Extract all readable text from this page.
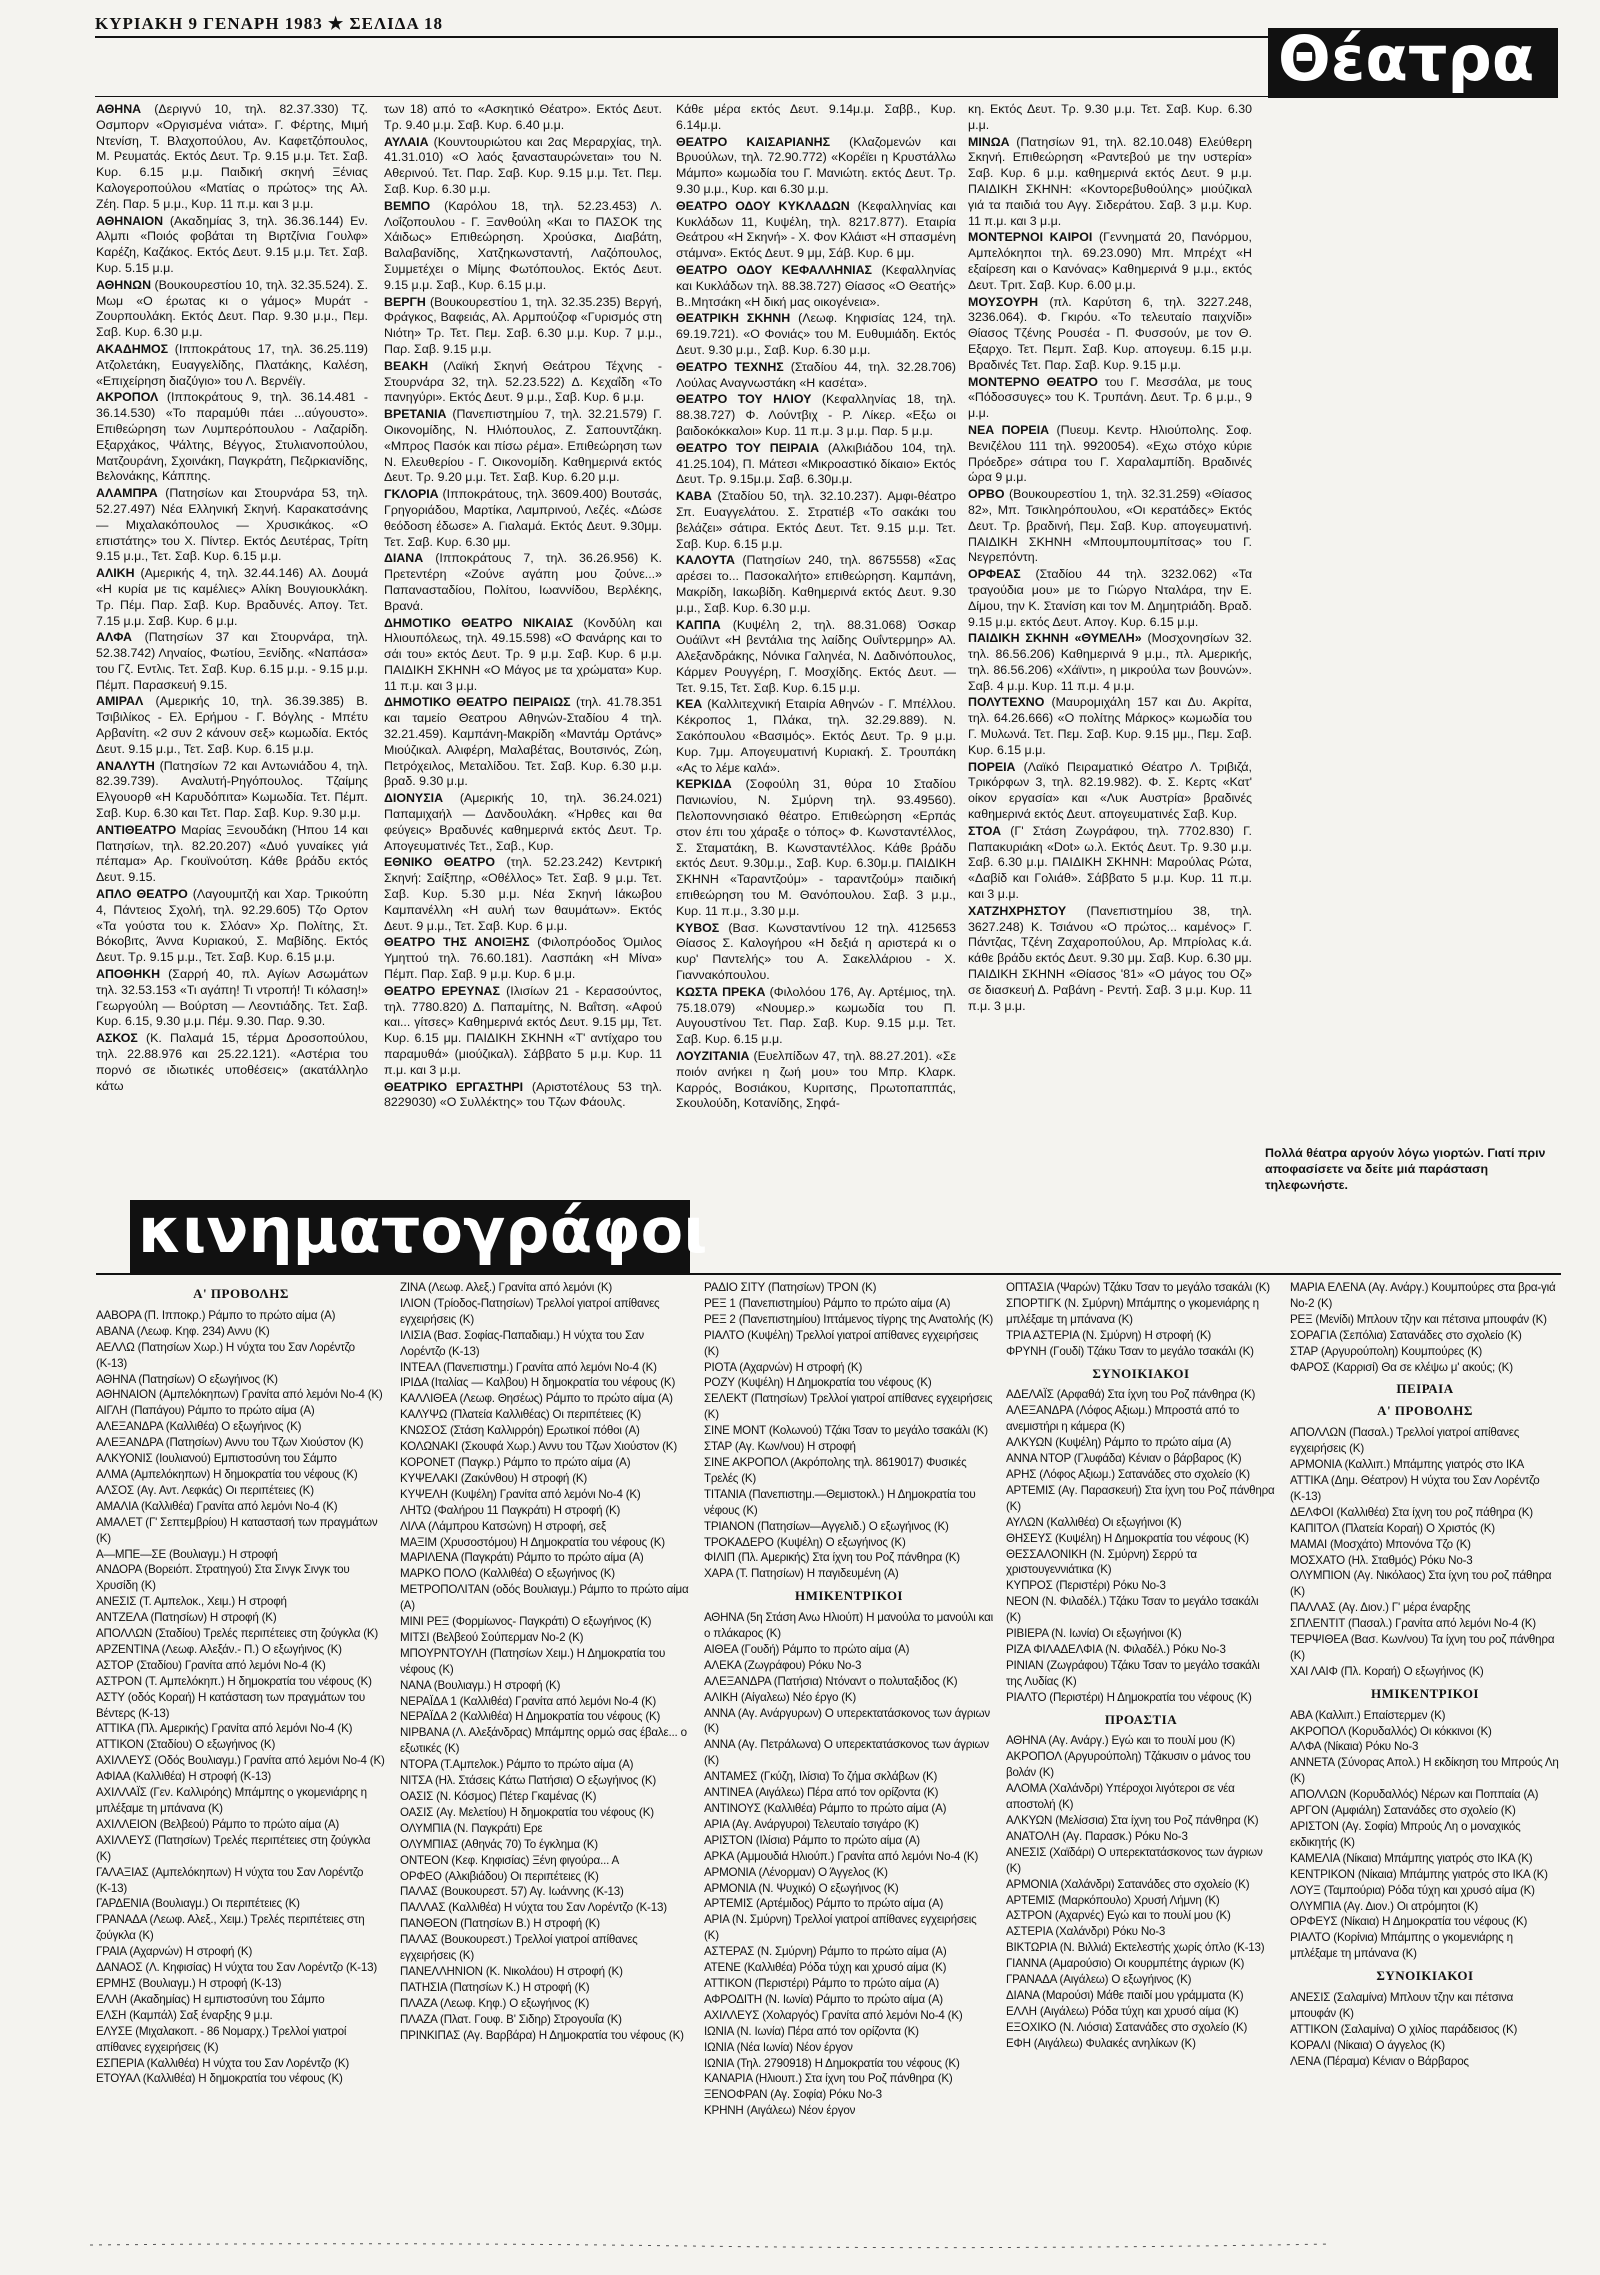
ΚΥΡΙΑΚΗ 9 ΓΕΝΑΡΗ 1983 ★ ΣΕΛΙΔΑ 18	Θέατρα

ΑΘΗΝΑ (Δεριγνύ 10, τηλ. 82.37.330) Τζ. Οσμπορν «Οργισμένα νιάτα». Γ. Φέρτης, Μιμή Ντενίση, Τ. Βλαχοπούλου, Αν. Καφετζόπουλος, Μ. Ρευματάς. Εκτός Δευτ. Τρ. 9.15 μ.μ. Τετ. Σαβ. Κυρ. 6.15 μ.μ. Παιδική σκηνή Ξένιας Καλογεροπούλου «Ματίας ο πρώτος» της Αλ. Ζέη. Παρ. 5 μ.μ., Κυρ. 11 π.μ. και 3 μ.μ.

ΑΘΗΝΑΙΟΝ (Ακαδημίας 3, τηλ. 36.36.144) Εν. Αλμπι «Ποιός φοβάται τη Βιρτζίνια Γουλφ» Καρέζη, Καζάκος. Εκτός Δευτ. 9.15 μ.μ. Τετ. Σαβ. Κυρ. 5.15 μ.μ.

ΑΘΗΝΩΝ (Βουκουρεστίου 10, τηλ. 32.35.524). Σ. Μωμ «Ο έρωτας κι ο γάμος» Μυράτ - Ζουρπουλάκη. Εκτός Δευτ. Παρ. 9.30 μ.μ., Πεμ. Σαβ. Κυρ. 6.30 μ.μ.

ΑΚΑΔΗΜΟΣ (Ιπποκράτους 17, τηλ. 36.25.119) Ατζολετάκη, Ευαγγελίδης, Πλατάκης, Καλέση, «Επιχείρηση διαζύγιο» του Λ. Βερνέϊγ.

ΑΚΡΟΠΟΛ (Ιπποκράτους 9, τηλ. 36.14.481 - 36.14.530) «Το παραμύθι πάει ...αύγουστο». Επιθεώρηση των Λυμπερόπουλου - Λαζαρίδη. Εξαρχάκος, Ψάλτης, Βέγγος, Στυλιανοπούλου, Ματζουράνη, Σχοινάκη, Παγκράτη, Πεζιρκιανίδης, Βελονάκης, Κάππης.

ΑΛΑΜΠΡΑ (Πατησίων και Στουρνάρα 53, τηλ. 52.27.497) Νέα Ελληνική Σκηνή. Καρακατσάνης — Μιχαλακόπουλος — Χρυσικάκος. «Ο επιστάτης» του Χ. Πίντερ. Εκτός Δευτέρας, Τρίτη 9.15 μ.μ., Τετ. Σαβ. Κυρ. 6.15 μ.μ.

ΑΛΙΚΗ (Αμερικής 4, τηλ. 32.44.146) Αλ. Δουμά «Η κυρία με τις καμέλιες» Αλίκη Βουγιουκλάκη. Τρ. Πέμ. Παρ. Σαβ. Κυρ. Βραδυνές. Απογ. Τετ. 7.15 μ.μ. Σαβ. Κυρ. 6 μ.μ.

ΑΛΦΑ (Πατησίων 37 και Στουρνάρα, τηλ. 52.38.742) Ληναίος, Φωτίου, Ξενίδης. «Ναπάσα» του Γζ. Εντλις. Τετ. Σαβ. Κυρ. 6.15 μ.μ. - 9.15 μ.μ. Πέμπ. Παρασκευή 9.15.

ΑΜΙΡΑΛ (Αμερικής 10, τηλ. 36.39.385) Β. Τσιβιλίκος - Ελ. Ερήμου - Γ. Βόγλης - Μπέτυ Αρβανίτη. «2 συν 2 κάνουν σεξ» κωμωδία. Εκτός Δευτ. 9.15 μ.μ., Τετ. Σαβ. Κυρ. 6.15 μ.μ.

ΑΝΑΛΥΤΗ (Πατησίων 72 και Αντωνιάδου 4, τηλ. 82.39.739). Αναλυτή-Ρηγόπουλος. Τζαίμης Ελγουορθ «Η Καρυδόπιτα» Κωμωδία. Τετ. Πέμπ. Σαβ. Κυρ. 6.30 και Τετ. Παρ. Σαβ. Κυρ. 9.30 μ.μ.

ΑΝΤΙΘΕΑΤΡΟ Μαρίας Ξενουδάκη (Ήπου 14 και Πατησίων, τηλ. 82.20.207) «Δυό γυναίκες γιά πέπαμα» Αρ. Γκουϊνούτση. Κάθε βράδυ εκτός Δευτ. 9.15.

ΑΠΛΟ ΘΕΑΤΡΟ (Λαγουμιτζή και Χαρ. Τρικούπη 4, Πάντειος Σχολή, τηλ. 92.29.605) Τζο Ορτον «Τα γούστα του κ. Σλόαν» Χρ. Πολίτης, Στ. Βόκοβιτς, Άννα Κυριακού, Σ. Μαβίδης. Εκτός Δευτ. Τρ. 9.15 μ.μ., Τετ. Σαβ. Κυρ. 6.15 μ.μ.

ΑΠΟΘΗΚΗ (Σαρρή 40, πλ. Αγίων Ασωμάτων τηλ. 32.53.153 «Τι αγάπη! Τι ντροπή! Τι κόλαση!» Γεωργούλη — Βούρτση — Λεοντιάδης. Τετ. Σαβ. Κυρ. 6.15, 9.30 μ.μ. Πέμ. 9.30. Παρ. 9.30.

ΑΣΚΟΣ (Κ. Παλαμά 15, τέρμα Δροσοπούλου, τηλ. 22.88.976 και 25.22.121). «Αστέρια του πορνό σε ιδιωτικές υποθέσεις» (ακατάλληλο κάτω

των 18) από το «Ασκητικό Θέατρο». Εκτός Δευτ. Τρ. 9.40 μ.μ. Σαβ. Κυρ. 6.40 μ.μ.

ΑΥΛΑΙΑ (Κουντουριώτου και 2ας Μεραρχίας, τηλ. 41.31.010) «Ο λαός ξανασταυρώνεται» του Ν. Αθερινού. Τετ. Παρ. Σαβ. Κυρ. 9.15 μ.μ. Τετ. Πεμ. Σαβ. Κυρ. 6.30 μ.μ.

ΒΕΜΠΟ (Καρόλου 18, τηλ. 52.23.453) Λ. Λοΐζοπουλου - Γ. Ξανθούλη «Και το ΠΑΣΟΚ της Χάιδως» Επιθεώρηση. Χρούσκα, Διαβάτη, Βαλαβανίδης, Χατζηκωνσταντή, Λαζόπουλος, Συμμετέχει ο Μίμης Φωτόπουλος. Εκτός Δευτ. 9.15 μ.μ. Σαβ., Κυρ. 6.15 μ.μ.

ΒΕΡΓΗ (Βουκουρεστίου 1, τηλ. 32.35.235) Βεργή, Φράγκος, Βαφειάς, Αλ. Αρμπούζοφ «Γυρισμός στη Νιότη» Τρ. Τετ. Πεμ. Σαβ. 6.30 μ.μ. Κυρ. 7 μ.μ., Παρ. Σαβ. 9.15 μ.μ.

ΒΕΑΚΗ (Λαϊκή Σκηνή Θεάτρου Τέχνης - Στουρνάρα 32, τηλ. 52.23.522) Δ. Κεχαΐδη «Το πανηγύρι». Εκτός Δευτ. 9 μ.μ., Σαβ. Κυρ. 6 μ.μ.

ΒΡΕΤΑΝΙΑ (Πανεπιστημίου 7, τηλ. 32.21.579) Γ. Οικονομίδης, Ν. Ηλιόπουλος, Ζ. Σαπουντζάκη. «Μπρος Πασόκ και πίσω ρέμα». Επιθεώρηση των Ν. Ελευθερίου - Γ. Οικονομίδη. Καθημερινά εκτός Δευτ. Τρ. 9.20 μ.μ. Τετ. Σαβ. Κυρ. 6.20 μ.μ.

ΓΚΛΟΡΙΑ (Ιπποκράτους, τηλ. 3609.400) Βουτσάς, Γρηγοριάδου, Μαρτίκα, Λαμπρινού, Λεζές. «Δώσε θεόδοση έδωσε» Α. Γιαλαμά. Εκτός Δευτ. 9.30μμ. Τετ. Σαβ. Κυρ. 6.30 μμ.

ΔΙΑΝΑ (Ιπποκράτους 7, τηλ. 36.26.956) Κ. Πρετεντέρη «Ζούνε αγάπη μου ζούνε...» Παπανασταδίου, Πολίτου, Ιωαννίδου, Βερλέκης, Βρανά.

ΔΗΜΟΤΙΚΟ ΘΕΑΤΡΟ ΝΙΚΑΙΑΣ (Κονδύλη και Ηλιουπόλεως, τηλ. 49.15.598) «Ο Φανάρης και το σάι του» εκτός Δευτ. Τρ. 9 μ.μ. Σαβ. Κυρ. 6 μ.μ. ΠΑΙΔΙΚΗ ΣΚΗΝΗ «Ο Μάγος με τα χρώματα» Κυρ. 11 π.μ. και 3 μ.μ.

ΔΗΜΟΤΙΚΟ ΘΕΑΤΡΟ ΠΕΙΡΑΙΩΣ (τηλ. 41.78.351 και ταμείο Θεατρου Αθηνών-Σταδίου 4 τηλ. 32.21.459). Καμπάνη-Μακρίδη «Μαντάμ Ορτάνς» Μιούζικαλ. Αλιφέρη, Μαλαβέτας, Βουτσινός, Ζώη, Πετρόχειλος, Μεταλίδου. Τετ. Σαβ. Κυρ. 6.30 μ.μ. βραδ. 9.30 μ.μ.

ΔΙΟΝΥΣΙΑ (Αμερικής 10, τηλ. 36.24.021) Παπαμιχαήλ — Δανδουλάκη. «Ήρθες και θα φεύγεις» Βραδυνές καθημερινά εκτός Δευτ. Τρ. Απογευματινές Τετ., Σαβ., Κυρ.

ΕΘΝΙΚΟ ΘΕΑΤΡΟ (τηλ. 52.23.242) Κεντρική Σκηνή: Σαίξπηρ, «Οθέλλος» Τετ. Σαβ. 9 μ.μ. Τετ. Σαβ. Κυρ. 5.30 μ.μ. Νέα Σκηνή Ιάκωβου Καμπανέλλη «Η αυλή των θαυμάτων». Εκτός Δευτ. 9 μ.μ., Τετ. Σαβ. Κυρ. 6 μ.μ.

ΘΕΑΤΡΟ ΤΗΣ ΑΝΟΙΞΗΣ (Φιλοπρόοδος Όμιλος Υμηττού τηλ. 76.60.181). Λασπάκη «Η Μίνα» Πέμπ. Παρ. Σαβ. 9 μ.μ. Κυρ. 6 μ.μ.

ΘΕΑΤΡΟ ΕΡΕΥΝΑΣ (Ιλισίων 21 - Κερασούντος, τηλ. 7780.820) Δ. Παπαμίτης, Ν. Βαΐτση. «Αφού και... γίτσες» Καθημερινά εκτός Δευτ. 9.15 μμ, Τετ. Κυρ. 6.15 μμ. ΠΑΙΔΙΚΗ ΣΚΗΝΗ «Τ' αντίχαρο του παραμυθά» (μιούζικαλ). Σάββατο 5 μ.μ. Κυρ. 11 π.μ. και 3 μ.μ.

ΘΕΑΤΡΙΚΟ ΕΡΓΑΣΤΗΡΙ (Αριστοτέλους 53 τηλ. 8229030) «Ο Συλλέκτης» του Τζων Φάουλς.

Κάθε μέρα εκτός Δευτ. 9.14μ.μ. Σαββ., Κυρ. 6.14μ.μ.

ΘΕΑΤΡΟ ΚΑΙΣΑΡΙΑΝΗΣ (Κλαζομενών και Βρυούλων, τηλ. 72.90.772) «Κορέϊει η Κρυστάλλω Μάμπο» κωμωδία του Γ. Μανιώτη. εκτός Δευτ. Τρ. 9.30 μ.μ., Κυρ. και 6.30 μ.μ.

ΘΕΑΤΡΟ ΟΔΟΥ ΚΥΚΛΑΔΩΝ (Κεφαλληνίας και Κυκλάδων 11, Κυψέλη, τηλ. 8217.877). Εταιρία Θεάτρου «Η Σκηνή» - Χ. Φον Κλάιστ «Η σπασμένη στάμνα». Εκτός Δευτ. 9 μμ, Σάβ. Κυρ. 6 μμ.

ΘΕΑΤΡΟ ΟΔΟΥ ΚΕΦΑΛΛΗΝΙΑΣ (Κεφαλληνίας και Κυκλάδων τηλ. 88.38.727) Θίασος «Ο Θεατής» Β..Μητσάκη «Η δική μας οικογένεια».

ΘΕΑΤΡΙΚΗ ΣΚΗΝΗ (Λεωφ. Κηφισίας 124, τηλ. 69.19.721). «Ο Φονιάς» του Μ. Ευθυμιάδη. Εκτός Δευτ. 9.30 μ.μ., Σαβ. Κυρ. 6.30 μ.μ.

ΘΕΑΤΡΟ ΤΕΧΝΗΣ (Σταδίου 44, τηλ. 32.28.706) Λούλας Αναγνωστάκη «Η κασέτα».

ΘΕΑΤΡΟ ΤΟΥ ΗΛΙΟΥ (Κεφαλληνίας 18, τηλ. 88.38.727) Φ. Λούντβιχ - Ρ. Λίκερ. «Εξω οι βαιδοκόκκαλοι» Κυρ. 11 π.μ. 3 μ.μ. Παρ. 5 μ.μ.

ΘΕΑΤΡΟ ΤΟΥ ΠΕΙΡΑΙΑ (Αλκιβιάδου 104, τηλ. 41.25.104), Π. Μάτεσι «Μικροαστικό δίκαιο» Εκτός Δευτ. Τρ. 9.15μ.μ. Σαβ. 6.30μ.μ.

ΚΑΒΑ (Σταδίου 50, τηλ. 32.10.237). Αμφι-θέατρο Σπ. Ευαγγελάτου. Σ. Στρατιέβ «Το σακάκι του βελάζει» σάτιρα. Εκτός Δευτ. Τετ. 9.15 μ.μ. Τετ. Σαβ. Κυρ. 6.15 μ.μ.

ΚΑΛΟΥΤΑ (Πατησίων 240, τηλ. 8675558) «Σας αρέσει το... Πασοκαλήτο» επιθεώρηση. Καμπάνη, Μακρίδη, Ιακωβίδη. Καθημερινά εκτός Δευτ. 9.30 μ.μ., Σαβ. Κυρ. 6.30 μ.μ.

ΚΑΠΠΑ (Κυψέλη 2, τηλ. 88.31.068) Όσκαρ Ουάϊλντ «Η βεντάλια της λαίδης Ουΐντερμηρ» Αλ. Αλεξανδράκης, Νόνικα Γαληνέα, Ν. Δαδινόπουλος, Κάρμεν Ρουγγέρη, Γ. Μοσχίδης. Εκτός Δευτ. — Τετ. 9.15, Τετ. Σαβ. Κυρ. 6.15 μ.μ.

ΚΕΑ (Καλλιτεχνική Εταιρία Αθηνών - Γ. Μπέλλου. Κέκροπος 1, Πλάκα, τηλ. 32.29.889). Ν. Σακόπουλου «Βασιμός». Εκτός Δευτ. Τρ. 9 μ.μ. Κυρ. 7μμ. Απογευματινή Κυριακή. Σ. Τρουπάκη «Ας το λέμε καλά».

ΚΕΡΚΙΔΑ (Σοφούλη 31, θύρα 10 Σταδίου Πανιωνίου, Ν. Σμύρνη τηλ. 93.49560). Πελοποννησιακό θέατρο. Επιθεώρηση «Ερπάς στον έπι του χάραξε ο τόπος» Φ. Κωνσταντέλλος, Σ. Σταματάκη, Β. Κωνσταντέλλος. Κάθε βράδυ εκτός Δευτ. 9.30μ.μ., Σαβ. Κυρ. 6.30μ.μ. ΠΑΙΔΙΚΗ ΣΚΗΝΗ «Ταραντζούμ» - ταραντζούμ» παιδική επιθεώρηση του Μ. Θανόπουλου. Σαβ. 3 μ.μ., Κυρ. 11 π.μ., 3.30 μ.μ.

ΚΥΒΟΣ (Βασ. Κωνσταντίνου 12 τηλ. 4125653 Θίασος Σ. Καλογήρου «Η δεξιά η αριστερά κι ο κυρ' Παντελής» του Α. Σακελλάριου - Χ. Γιαννακόπουλου.

ΚΩΣΤΑ ΠΡΕΚΑ (Φιλολόου 176, Αγ. Αρτέμιος, τηλ. 75.18.079) «Νουμερ.» κωμωδία του Π. Αυγουστίνου Τετ. Παρ. Σαβ. Κυρ. 9.15 μ.μ. Τετ. Σαβ. Κυρ. 6.15 μ.μ.

ΛΟΥΖΙΤΑΝΙΑ (Ευελπίδων 47, τηλ. 88.27.201). «Σε ποιόν ανήκει η ζωή μου» του Μπρ. Κλαρκ. Καρρός, Βοσιάκου, Κυριτσης, Πρωτοπαππάς, Σκουλούδη, Κοτανίδης, Σηφά-

κη. Εκτός Δευτ. Τρ. 9.30 μ.μ. Τετ. Σαβ. Κυρ. 6.30 μ.μ.

ΜΙΝΩΑ (Πατησίων 91, τηλ. 82.10.048) Ελεύθερη Σκηνή. Επιθεώρηση «Ραντεβού με την υστερία» Σαβ. Κυρ. 6 μ.μ. καθημερινά εκτός Δευτ. 9 μ.μ. ΠΑΙΔΙΚΗ ΣΚΗΝΗ: «Κοντορεβυθούλης» μιούζικαλ γιά τα παιδιά του Αγγ. Σιδεράτου. Σαβ. 3 μ.μ. Κυρ. 11 π.μ. και 3 μ.μ.

ΜΟΝΤΕΡΝΟΙ ΚΑΙΡΟΙ (Γεννηματά 20, Πανόρμου, Αμπελόκηποι τηλ. 69.23.090) Μπ. Μπρέχτ «Η εξαίρεση και ο Κανόνας» Καθημερινά 9 μ.μ., εκτός Δευτ. Τριτ. Σαβ. Κυρ. 6.00 μ.μ.

ΜΟΥΣΟΥΡΗ (πλ. Καρύτση 6, τηλ. 3227.248, 3236.064). Φ. Γκιρόυ. «Το τελευταίο παιχνίδι» Θίασος Τζένης Ρουσέα - Π. Φυσσούν, με τον Θ. Εξαρχο. Τετ. Πεμπ. Σαβ. Κυρ. απογευμ. 6.15 μ.μ. Βραδινές Τετ. Παρ. Σαβ. Κυρ. 9.15 μ.μ.

ΜΟΝΤΕΡΝΟ ΘΕΑΤΡΟ του Γ. Μεσσάλα, με τους «Πόδοσσυγες» του Κ. Τρυπάνη. Δευτ. Τρ. 6 μ.μ., 9 μ.μ.

ΝΕΑ ΠΟΡΕΙΑ (Πυευμ. Κεντρ. Ηλιούπολης. Σοφ. Βενιζέλου 111 τηλ. 9920054). «Εχω στόχο κύριε Πρόεδρε» σάτιρα του Γ. Χαραλαμπίδη. Βραδινές ώρα 9 μ.μ.

ΟΡΒΟ (Βουκουρεστίου 1, τηλ. 32.31.259) «Θίασος 82», Μπ. Τσικληρόπουλου, «Οι κερατάδες» Εκτός Δευτ. Τρ. βραδινή, Πεμ. Σαβ. Κυρ. απογευματινή. ΠΑΙΔΙΚΗ ΣΚΗΝΗ «Μπουμπουμπίτσας» του Γ. Νεγρεπόντη.

ΟΡΦΕΑΣ (Σταδίου 44 τηλ. 3232.062) «Τα τραγούδια μου» με το Γιώργο Νταλάρα, την Ε. Δίμου, την Κ. Στανίση και τον Μ. Δημητριάδη. Βραδ. 9.15 μ.μ. εκτός Δευτ. Απογ. Κυρ. 6.15 μ.μ.

ΠΑΙΔΙΚΗ ΣΚΗΝΗ «ΘΥΜΕΛΗ» (Μοσχονησίων 32. τηλ. 86.56.206) Καθημερινά 9 μ.μ., πλ. Αμερικής, τηλ. 86.56.206) «Χάϊντι», η μικρούλα των βουνών». Σαβ. 4 μ.μ. Κυρ. 11 π.μ. 4 μ.μ.

ΠΟΛΥΤΕΧΝΟ (Μαυρομιχάλη 157 και Δυ. Ακρίτα, τηλ. 64.26.666) «Ο πολίτης Μάρκος» κωμωδία του Γ. Μυλωνά. Τετ. Πεμ. Σαβ. Κυρ. 9.15 μμ., Πεμ. Σαβ. Κυρ. 6.15 μ.μ.

ΠΟΡΕΙΑ (Λαϊκό Πειραματικό Θέατρο Λ. Τριβιζά, Τρικόρφων 3, τηλ. 82.19.982). Φ. Σ. Κερτς «Κατ' οίκον εργασία» και «Λυκ Αυστρία» βραδινές καθημερινά εκτός Δευτ. απογευματινές Σαβ. Κυρ.

ΣΤΟΑ (Γ' Στάση Ζωγράφου, τηλ. 7702.830) Γ. Παπακυριάκη «Dot» ω.λ. Εκτός Δευτ. Τρ. 9.30 μ.μ. Σαβ. 6.30 μ.μ. ΠΑΙΔΙΚΗ ΣΚΗΝΗ: Μαρούλας Ρώτα, «Δαβίδ και Γολιάθ». Σάββατο 5 μ.μ. Κυρ. 11 π.μ. και 3 μ.μ.

ΧΑΤΖΗΧΡΗΣΤΟΥ (Πανεπιστημίου 38, τηλ. 3627.248) Κ. Τσιάνου «Ο πρώτος... καμένος» Γ. Πάντζας, Τζένη Ζαχαροπούλου, Αρ. Μπρίολας κ.ά. κάθε βράδυ εκτός Δευτ. 9.30 μμ. Σαβ. Κυρ. 6.30 μμ. ΠΑΙΔΙΚΗ ΣΚΗΝΗ «Θίασος '81» «Ο μάγος του Οζ» σε διασκευή Δ. Ραβάνη - Ρεντή. Σαβ. 3 μ.μ. Κυρ. 11 π.μ. 3 μ.μ.

Πολλά θέατρα αργούν λόγω γιορτών. Γιατί πριν αποφασίσετε να δείτε μιά παράσταση τηλεφωνήστε.
κινηματογράφοι
Α' ΠΡΟΒΟΛΗΣ

ΑΑΒΟΡΑ (Π. Ιπποκρ.) Ράμπο το πρώτο αίμα (Α)

ΑΒΑΝΑ (Λεωφ. Κηφ. 234) Αννυ (Κ)

ΑΕΛΛΩ (Πατησίων Χωρ.) Η νύχτα του Σαν Λορέντζο (Κ-13)

ΑΘΗΝΑ (Πατησίων) Ο εξωγήινος (Κ)

ΑΘΗΝΑΙΟΝ (Αμπελόκηπων) Γρανίτα από λεμόνι Νο-4 (Κ)

ΑΙΓΛΗ (Παπάγου) Ράμπο το πρώτο αίμα (Α)

ΑΛΕΞΑΝΔΡΑ (Καλλιθέα) Ο εξωγήινος (Κ)

ΑΛΕΞΑΝΔΡΑ (Πατησίων) Αννυ του Τζων Χιούστον (Κ)

ΑΛΚΥΟΝΙΣ (Ιουλιανού) Εμπιστοσύνη του Σάμπο

ΑΛΜΑ (Αμπελόκηπων) Η δημοκρατία του νέφους (Κ)

ΑΛΣΟΣ (Αγ. Αντ. Λεφκάς) Οι περιπέτειες (Κ)

ΑΜΑΛΙΑ (Καλλιθέα) Γρανίτα από λεμόνι Νο-4 (Κ)

ΑΜΑΛΕΤ (Γ' Σεπτεμβρίου) Η καταστασή των πραγμάτων (Κ)

Α—ΜΠΕ—ΣΕ (Βουλιαγμ.) Η στροφή

ΑΝΔΟΡΑ (Βορειόπ. Στρατηγού) Στα Σινγκ Σινγκ του Χρυσίδη (Κ)

ΑΝΕΣΙΣ (Τ. Αμπελοκ., Χειμ.) Η στροφή

ΑΝΤΖΕΛΑ (Πατησίων) Η στροφή (Κ)

ΑΠΟΛΛΩΝ (Σταδίου) Τρελές περιπέτειες στη ζούγκλα (Κ)

ΑΡΖΕΝΤΙΝΑ (Λεωφ. Αλεξάν.- Π.) Ο εξωγήινος (Κ)

ΑΣΤΟΡ (Σταδίου) Γρανίτα από λεμόνι Νο-4 (Κ)

ΑΣΤΡΟΝ (Τ. Αμπελόκηπ.) Η δημοκρατία του νέφους (Κ)

ΑΣΤΥ (οδός Κοραή) Η κατάσταση των πραγμάτων του Βέντερς (Κ-13)

ΑΤΤΙΚΑ (Πλ. Αμερικής) Γρανίτα από λεμόνι Νο-4 (Κ)

ΑΤΤΙΚΟΝ (Σταδίου) Ο εξωγήινος (Κ)

ΑΧΙΛΛΕΥΣ (Οδός Βουλιαγμ.) Γρανίτα από λεμόνι Νο-4 (Κ)

ΑΦΙΑΑ (Καλλιθέα) Η στροφή (Κ-13)

ΑΧΙΛΛΑΪΣ (Γεν. Καλλιρόης) Μπάμπης ο γκομενιάρης η μπλέξαμε τη μπάνανα (Κ)

ΑΧΙΛΛΕΙΟΝ (Βελβεού) Ράμπο το πρώτο αίμα (Α)

ΑΧΙΛΛΕΥΣ (Πατησίων) Τρελές περιπέτειες στη ζούγκλα (Κ)

ΓΑΛΑΞΙΑΣ (Αμπελόκηπων) Η νύχτα του Σαν Λορέντζο (Κ-13)

ΓΑΡΔΕΝΙΑ (Βουλιαγμ.) Οι περιπέτειες (Κ)

ΓΡΑΝΑΔΑ (Λεωφ. Αλεξ., Χειμ.) Τρελές περιπέτειες στη ζούγκλα (Κ)

ΓΡΑΙΑ (Αχαρνών) Η στροφή (Κ)

ΔΑΝΑΟΣ (Λ. Κηφισίας) Η νύχτα του Σαν Λορέντζο (Κ-13)

ΕΡΜΗΣ (Βουλιαγμ.) Η στροφή (Κ-13)

ΕΛΛΗ (Ακαδημίας) Η εμπιστοσύνη του Σάμπο

ΕΛΣΗ (Καμπάλ) Σαξ έναρξης 9 μ.μ.

ΕΛΥΣΕ (Μιχαλακοπ. - 86 Νομαρχ.) Τρελλοί γιατροί απίθανες εγχειρήσεις (Κ)

ΕΣΠΕΡΙΑ (Καλλιθέα) Η νύχτα του Σαν Λορέντζο (Κ)

ΕΤΟΥΑΛ (Καλλιθέα) Η δημοκρατία του νέφους (Κ)

ΖΙΝΑ (Λεωφ. Αλεξ.) Γρανίτα από λεμόνι (Κ)

ΙΛΙΟΝ (Τρίοδος-Πατησίων) Τρελλοί γιατροί απίθανες εγχειρήσεις (Κ)

ΙΛΙΣΙΑ (Βασ. Σοφίας-Παπαδιαμ.) Η νύχτα του Σαν Λορέντζο (Κ-13)

ΙΝΤΕΑΛ (Πανεπιστημ.) Γρανίτα από λεμόνι Νο-4 (Κ)

ΙΡΙΔΑ (Ιταλίας — Καλβου) Η δημοκρατία του νέφους (Κ)

ΚΑΛΛΙΘΕΑ (Λεωφ. Θησέως) Ράμπο το πρώτο αίμα (Α)

ΚΑΛΥΨΩ (Πλατεία Καλλιθέας) Οι περιπέτειες (Κ)

ΚΝΩΣΟΣ (Στάση Καλλιρρόη) Ερωτικοί πόθοι (Α)

ΚΟΛΩΝΑΚΙ (Σκουφά Χωρ.) Αννυ του Τζων Χιούστον (Κ)

ΚΟΡΟΝΕΤ (Παγκρ.) Ράμπο το πρώτο αίμα (Α)

ΚΥΨΕΛΑΚΙ (Ζακύνθου) Η στροφή (Κ)

ΚΥΨΕΛΗ (Κυψέλη) Γρανίτα από λεμόνι Νο-4 (Κ)

ΛΗΤΩ (Φαλήρου 11 Παγκράτι) Η στροφή (Κ)

ΛΙΛΑ (Λάμπρου Κατσώνη) Η στροφή, σεξ

ΜΑΞΙΜ (Χρυσοστόμου) Η Δημοκρατία του νέφους (Κ)

ΜΑΡΙΛΕΝΑ (Παγκράτι) Ράμπο το πρώτο αίμα (Α)

ΜΑΡΚΟ ΠΟΛΟ (Καλλιθέα) Ο εξωγήινος (Κ)

ΜΕΤΡΟΠΟΛΙΤΑΝ (οδός Βουλιαγμ.) Ράμπο το πρώτο αίμα (Α)

ΜΙΝΙ ΡΕΞ (Φορμίωνος- Παγκράτι) Ο εξωγήινος (Κ)

ΜΙΤΣΙ (Βελβεού Σούπερμαν Νο-2 (Κ)

ΜΠΟΥΡΝΤΟΥΛΗ (Πατησίων Χειμ.) Η Δημοκρατία του νέφους (Κ)

ΝΑΝΑ (Βουλιαγμ.) Η στροφή (Κ)

ΝΕΡΑΪΔΑ 1 (Καλλιθέα) Γρανίτα από λεμόνι Νο-4 (Κ)

ΝΕΡΑΪΔΑ 2 (Καλλιθέα) Η Δημοκρατία του νέφους (Κ)

ΝΙΡΒΑΝΑ (Λ. Αλεξάνδρας) Μπάμπης ορμώ σας έβαλε... ο εξωτικές (Κ)

ΝΤΟΡΑ (Τ.Αμπελοκ.) Ράμπο το πρώτο αίμα (Α)

ΝΙΤΣΑ (Ηλ. Στάσεις Κάτω Πατήσια) Ο εξωγήινος (Κ)

ΟΑΣΙΣ (Ν. Κόσμος) Πέτερ Γκαμένας (Κ)

ΟΑΣΙΣ (Αγ. Μελετίου) Η δημοκρατία του νέφους (Κ)

ΟΛΥΜΠΙΑ (Ν. Παγκράτι) Ερε

ΟΛΥΜΠΙΑΣ (Αθηνάς 70) Το έγκλημα (Κ)

ΟΝΤΕΟΝ (Κεφ. Κηφισίας) Ξένη φιγούρα... Α

ΟΡΦΕΟ (Αλκιβιάδου) Οι περιπέτειες (Κ)

ΠΑΛΑΣ (Βουκουρεστ. 57) Αγ. Ιωάννης (Κ-13)

ΠΑΛΛΑΣ (Καλλιθέα) Η νύχτα του Σαν Λορέντζο (Κ-13)

ΠΑΝΘΕΟΝ (Πατησίων Β.) Η στροφή (Κ)

ΠΑΛΑΣ (Βουκουρεστ.) Τρελλοί γιατροί απίθανες εγχειρήσεις (Κ)

ΠΑΝΕΛΛΗΝΙΟΝ (Κ. Νικολάου) Η στροφή (Κ)

ΠΑΤΗΣΙΑ (Πατησίων Κ.) Η στροφή (Κ)

ΠΛΑΖΑ (Λεωφ. Κηφ.) Ο εξωγήινος (Κ)

ΠΛΑΖΑ (Πλατ. Γουφ. Β' Σιδηρ) Στρογουΐα (Κ)

ΠΡΙΝΚΙΠΑΣ (Αγ. Βαρβάρα) Η Δημοκρατία του νέφους (Κ)

ΡΑΔΙΟ ΣΙΤΥ (Πατησίων) ΤΡΟΝ (Κ)

ΡΕΞ 1 (Πανεπιστημίου) Ράμπο το πρώτο αίμα (Α)

ΡΕΞ 2 (Πανεπιστημίου) Ιπτάμενος τίγρης της Ανατολής (Κ)

ΡΙΑΛΤΟ (Κυψέλη) Τρελλοί γιατροί απίθανες εγχειρήσεις (Κ)

ΡΙΟΤΑ (Αχαρνών) Η στροφή (Κ)

ΡΟΖΥ (Κυψέλη) Η Δημοκρατία του νέφους (Κ)

ΣΕΛΕΚΤ (Πατησίων) Τρελλοί γιατροί απίθανες εγχειρήσεις (Κ)

ΣΙΝΕ ΜΟΝΤ (Κολωνού) Τζάκι Τσαν το μεγάλο τσακάλι (Κ)

ΣΤΑΡ (Αγ. Κων/νου) Η στροφή

ΣΙΝΕ ΑΚΡΟΠΟΛ (Ακρόπολης τηλ. 8619017) Φυσικές Τρελές (Κ)

ΤΙΤΑΝΙΑ (Πανεπιστημ.—Θεμιστοκλ.) Η Δημοκρατία του νέφους (Κ)

ΤΡΙΑΝΟΝ (Πατησίων—Αγγελιδ.) Ο εξωγήινος (Κ)

ΤΡΟΚΑΔΕΡΟ (Κυψέλη) Ο εξωγήινος (Κ)

ΦΙΛΙΠ (Πλ. Αμερικής) Στα ίχνη του Ροζ πάνθηρα (Κ)

ΧΑΡΑ (Τ. Πατησίων) Η παγιδευμένη (Α)

ΗΜΙΚΕΝΤΡΙΚΟΙ

ΑΘΗΝΑ (5η Στάση Ανω Ηλιούπ) Η μανούλα το μανούλι και ο πλάκαρος (Κ)

ΑΙΘΕΑ (Γουδή) Ράμπο το πρώτο αίμα (Α)

ΑΛΕΚΑ (Ζωγράφου) Ρόκυ Νο-3

ΑΛΕΞΑΝΔΡΑ (Πατήσια) Ντόναντ ο πολυταξιδος (Κ)

ΑΛΙΚΗ (Αίγαλεω) Νέο έργο (Κ)

ΑΝΝΑ (Αγ. Ανάργυρων) Ο υπερεκτατάσκονος των άγριων (Κ)

ΑΝΝΑ (Αγ. Πετράλωνα) Ο υπερεκτατάσκονος των άγριων (Κ)

ΑΝΤΑΜΕΣ (Γκύζη, Ιλίσια) Το ζήμα σκλάβων (Κ)

ΑΝΤΙΝΕΑ (Αιγάλεω) Πέρα από τον ορίζοντα (Κ)

ΑΝΤΙΝΟΥΣ (Καλλιθέα) Ράμπο το πρώτο αίμα (Α)

ΑΡΙΑ (Αγ. Ανάργυροι) Τελευταίο τσιγάρο (Κ)

ΑΡΙΣΤΟΝ (Ιλίσια) Ράμπο το πρώτο αίμα (Α)

ΑΡΚΑ (Αμμουδιά Ηλιούπ.) Γρανίτα από λεμόνι Νο-4 (Κ)

ΑΡΜΟΝΙΑ (Λένορμαν) Ο Άγγελος (Κ)

ΑΡΜΟΝΙΑ (Ν. Ψυχικό) Ο εξωγήινος (Κ)

ΑΡΤΕΜΙΣ (Αρτέμιδος) Ράμπο το πρώτο αίμα (Α)

ΑΡΙΑ (Ν. Σμύρνη) Τρελλοί γιατροί απίθανες εγχειρήσεις (Κ)

ΑΣΤΕΡΑΣ (Ν. Σμύρνη) Ράμπο το πρώτο αίμα (Α)

ΑΤΕΝΕ (Καλλιθέα) Ρόδα τύχη και χρυσό αίμα (Κ)

ΑΤΤΙΚΟΝ (Περιστέρι) Ράμπο το πρώτο αίμα (Α)

ΑΦΡΟΔΙΤΗ (Ν. Ιωνία) Ράμπο το πρώτο αίμα (Α)

ΑΧΙΛΛΕΥΣ (Χολαργός) Γρανίτα από λεμόνι Νο-4 (Κ)

ΙΩΝΙΑ (Ν. Ιωνία) Πέρα από τον ορίζοντα (Κ)

ΙΩΝΙΑ (Νέα Ιωνία) Νέον έργον

ΙΩΝΙΑ (Τηλ. 2790918) Η Δημοκρατία του νέφους (Κ)

ΚΑΝΑΡΙΑ (Ηλιουπ.) Στα ίχνη του Ροζ πάνθηρα (Κ)

ΞΕΝΟΦΡΑΝ (Αγ. Σοφία) Ρόκυ Νο-3

ΚΡΗΝΗ (Αιγάλεω) Νέον έργον

ΟΠΤΑΣΙΑ (Ψαρών) Τζάκυ Τσαν το μεγάλο τσακάλι (Κ)

ΣΠΟΡΤΙΓΚ (Ν. Σμύρνη) Μπάμπης ο γκομενιάρης η μπλέξαμε τη μπάνανα (Κ)

ΤΡΙΑ ΑΣΤΕΡΙΑ (Ν. Σμύρνη) Η στροφή (Κ)

ΦΡΥΝΗ (Γουδί) Τζάκυ Τσαν το μεγάλο τσακάλι (Κ)

ΣΥΝΟΙΚΙΑΚΟΙ

ΑΔΕΛΑΪΣ (Αρφαθά) Στα ίχνη του Ροζ πάνθηρα (Κ)

ΑΛΕΞΑΝΔΡΑ (Λόφος Αξιωμ.) Μπροστά από το ανεμιστήρι η κάμερα (Κ)

ΑΛΚΥΩΝ (Κυψέλη) Ράμπο το πρώτο αίμα (Α)

ΑΝΝΑ ΝΤΟΡ (Γλυφάδα) Κένιαν ο βάρβαρος (Κ)

ΑΡΗΣ (Λόφος Αξιωμ.) Σατανάδες στο σχολείο (Κ)

ΑΡΤΕΜΙΣ (Αγ. Παρασκευή) Στα ίχνη του Ροζ πάνθηρα (Κ)

ΑΥΛΩΝ (Καλλιθέα) Οι εξωγήινοι (Κ)

ΘΗΣΕΥΣ (Κυψέλη) Η Δημοκρατία του νέφους (Κ)

ΘΕΣΣΑΛΟΝΙΚΗ (Ν. Σμύρνη) Σερρύ τα χριστουγεννιάτικα (Κ)

ΚΥΠΡΟΣ (Περιστέρι) Ρόκυ Νο-3

ΝΕΟΝ (Ν. Φιλαδέλ.) Τζάκυ Τσαν το μεγάλο τσακάλι (Κ)

ΡΙΒΙΕΡΑ (Ν. Ιωνία) Οι εξωγήινοι (Κ)

ΡΙΖΑ ΦΙΛΑΔΕΛΦΙΑ (Ν. Φιλαδέλ.) Ρόκυ Νο-3

ΡΙΝΙΑΝ (Ζωγράφου) Τζάκυ Τσαν το μεγάλο τσακάλι της Λυδίας (Κ)

ΡΙΑΛΤΟ (Περιστέρι) Η Δημοκρατία του νέφους (Κ)

ΠΡΟΑΣΤΙΑ

ΑΘΗΝΑ (Αγ. Ανάργ.) Εγώ και το πουλί μου (Κ)

ΑΚΡΟΠΟΛ (Αργυρούπολη) Τζάκυσιν ο μάνος του βολάν (Κ)

ΑΛΟΜΑ (Χαλάνδρι) Υπέροχοι λιγότεροι σε νέα αποστολή (Κ)

ΑΛΚΥΩΝ (Μελίσσια) Στα ίχνη του Ροζ πάνθηρα (Κ)

ΑΝΑΤΟΛΗ (Αγ. Παρασκ.) Ρόκυ Νο-3

ΑΝΕΣΙΣ (Χαϊδάρι) Ο υπερεκτατάσκονος των άγριων (Κ)

ΑΡΜΟΝΙΑ (Χαλάνδρι) Σατανάδες στο σχολείο (Κ)

ΑΡΤΕΜΙΣ (Μαρκόπουλο) Χρυσή Λήμνη (Κ)

ΑΣΤΡΟΝ (Αχαρνές) Εγώ και το πουλί μου (Κ)

ΑΣΤΕΡΙΑ (Χαλάνδρι) Ρόκυ Νο-3

ΒΙΚΤΩΡΙΑ (Ν. Βιλλιά) Εκτελεστής χωρίς όπλο (Κ-13)

ΓΙΑΝΝΑ (Αμαρούσιο) Οι κουρμπέτης άγριων (Κ)

ΓΡΑΝΑΔΑ (Αιγάλεω) Ο εξωγήινος (Κ)

ΔΙΑΝΑ (Μαρούσι) Μάθε παιδί μου γράμματα (Κ)

ΕΛΛΗ (Αιγάλεω) Ρόδα τύχη και χρυσό αίμα (Κ)

ΕΞΟΧΙΚΟ (Ν. Λιόσια) Σατανάδες στο σχολείο (Κ)

ΕΦΗ (Αιγάλεω) Φυλακές ανηλίκων (Κ)

ΜΑΡΙΑ ΕΛΕΝΑ (Αγ. Ανάργ.) Κουμπούρες στα βρα-γιά Νο-2 (Κ)

ΡΕΞ (Μενίδι) Μπλουν τζην και πέτσινα μπουφάν (Κ)

ΣΟΡΑΓΙΑ (Σεπόλια) Σατανάδες στο σχολείο (Κ)

ΣΤΑΡ (Αργυρούπολη) Κουμπούρες (Κ)

ΦΑΡΟΣ (Καρρισί) Θα σε κλέψω μ' ακούς; (Κ)

ΠΕΙΡΑΙΑ
Α' ΠΡΟΒΟΛΗΣ

ΑΠΟΛΛΩΝ (Πασαλ.) Τρελλοί γιατροί απίθανες εγχειρήσεις (Κ)

ΑΡΜΟΝΙΑ (Καλλιπ.) Μπάμπης γιατρός στο ΙΚΑ

ΑΤΤΙΚΑ (Δημ. Θέατρον) Η νύχτα του Σαν Λορέντζο (Κ-13)

ΔΕΛΦΟΙ (Καλλιθέα) Στα ίχνη του ροζ πάθηρα (Κ)

ΚΑΠΙΤΟΛ (Πλατεία Κοραή) Ο Χριστός (Κ)

ΜΑΜΑΙ (Μοσχάτο) Μπονόνα Τζο (Κ)

ΜΟΣΧΑΤΟ (Ηλ. Σταθμός) Ρόκυ Νο-3

ΟΛΥΜΠΙΟΝ (Αγ. Νικόλαος) Στα ίχνη του ροζ πάθηρα (Κ)

ΠΑΛΛΑΣ (Αγ. Διον.) Γ' μέρα έναρξης

ΣΠΛΕΝΤΙΤ (Πασαλ.) Γρανίτα από λεμόνι Νο-4 (Κ)

ΤΕΡΨΙΘΕΑ (Βασ. Κων/νου) Τα ίχνη του ροζ πάνθηρα (Κ)

ΧΑΙ ΛΑΙΦ (Πλ. Κοραή) Ο εξωγήινος (Κ)

ΗΜΙΚΕΝΤΡΙΚΟΙ

ΑΒΑ (Καλλιπ.) Επαίστερμεν (Κ)

ΑΚΡΟΠΟΛ (Κορυδαλλός) Οι κόκκινοι (Κ)

ΑΛΦΑ (Νίκαια) Ρόκυ Νο-3

ΑΝΝΕΤΑ (Σύνορας Απολ.) Η εκδίκηση του Μπρούς Λη (Κ)

ΑΠΟΛΛΩΝ (Κορυδαλλός) Νέρων και Ποππαία (Α)

ΑΡΓΟΝ (Αμφιάλη) Σατανάδες στο σχολείο (Κ)

ΑΡΙΣΤΟΝ (Αγ. Σοφία) Μπρούς Λη ο μοναχικός εκδικητής (Κ)

ΚΑΜΕΛΙΑ (Νίκαια) Μπάμπης γιατρός στο ΙΚΑ (Κ)

ΚΕΝΤΡΙΚΟΝ (Νίκαια) Μπάμπης γιατρός στο ΙΚΑ (Κ)

ΛΟΥΞ (Ταμπούρια) Ρόδα τύχη και χρυσό αίμα (Κ)

ΟΛΥΜΠΙΑ (Αγ. Διον.) Οι ατρόμητοι (Κ)

ΟΡΦΕΥΣ (Νίκαια) Η Δημοκρατία του νέφους (Κ)

ΡΙΑΛΤΟ (Κορίνια) Μπάμπης ο γκομενιάρης η μπλέξαμε τη μπάνανα (Κ)

ΣΥΝΟΙΚΙΑΚΟΙ

ΑΝΕΣΙΣ (Σαλαμίνα) Μπλουν τζην και πέτσινα μπουφάν (Κ)

ΑΤΤΙΚΟΝ (Σαλαμίνα) Ο χιλίος παράδεισος (Κ)

ΚΟΡΑΛΙ (Νίκαια) Ο άγγελος (Κ)

ΛΕΝΑ (Πέραμα) Κένιαν ο Βάρβαρος
